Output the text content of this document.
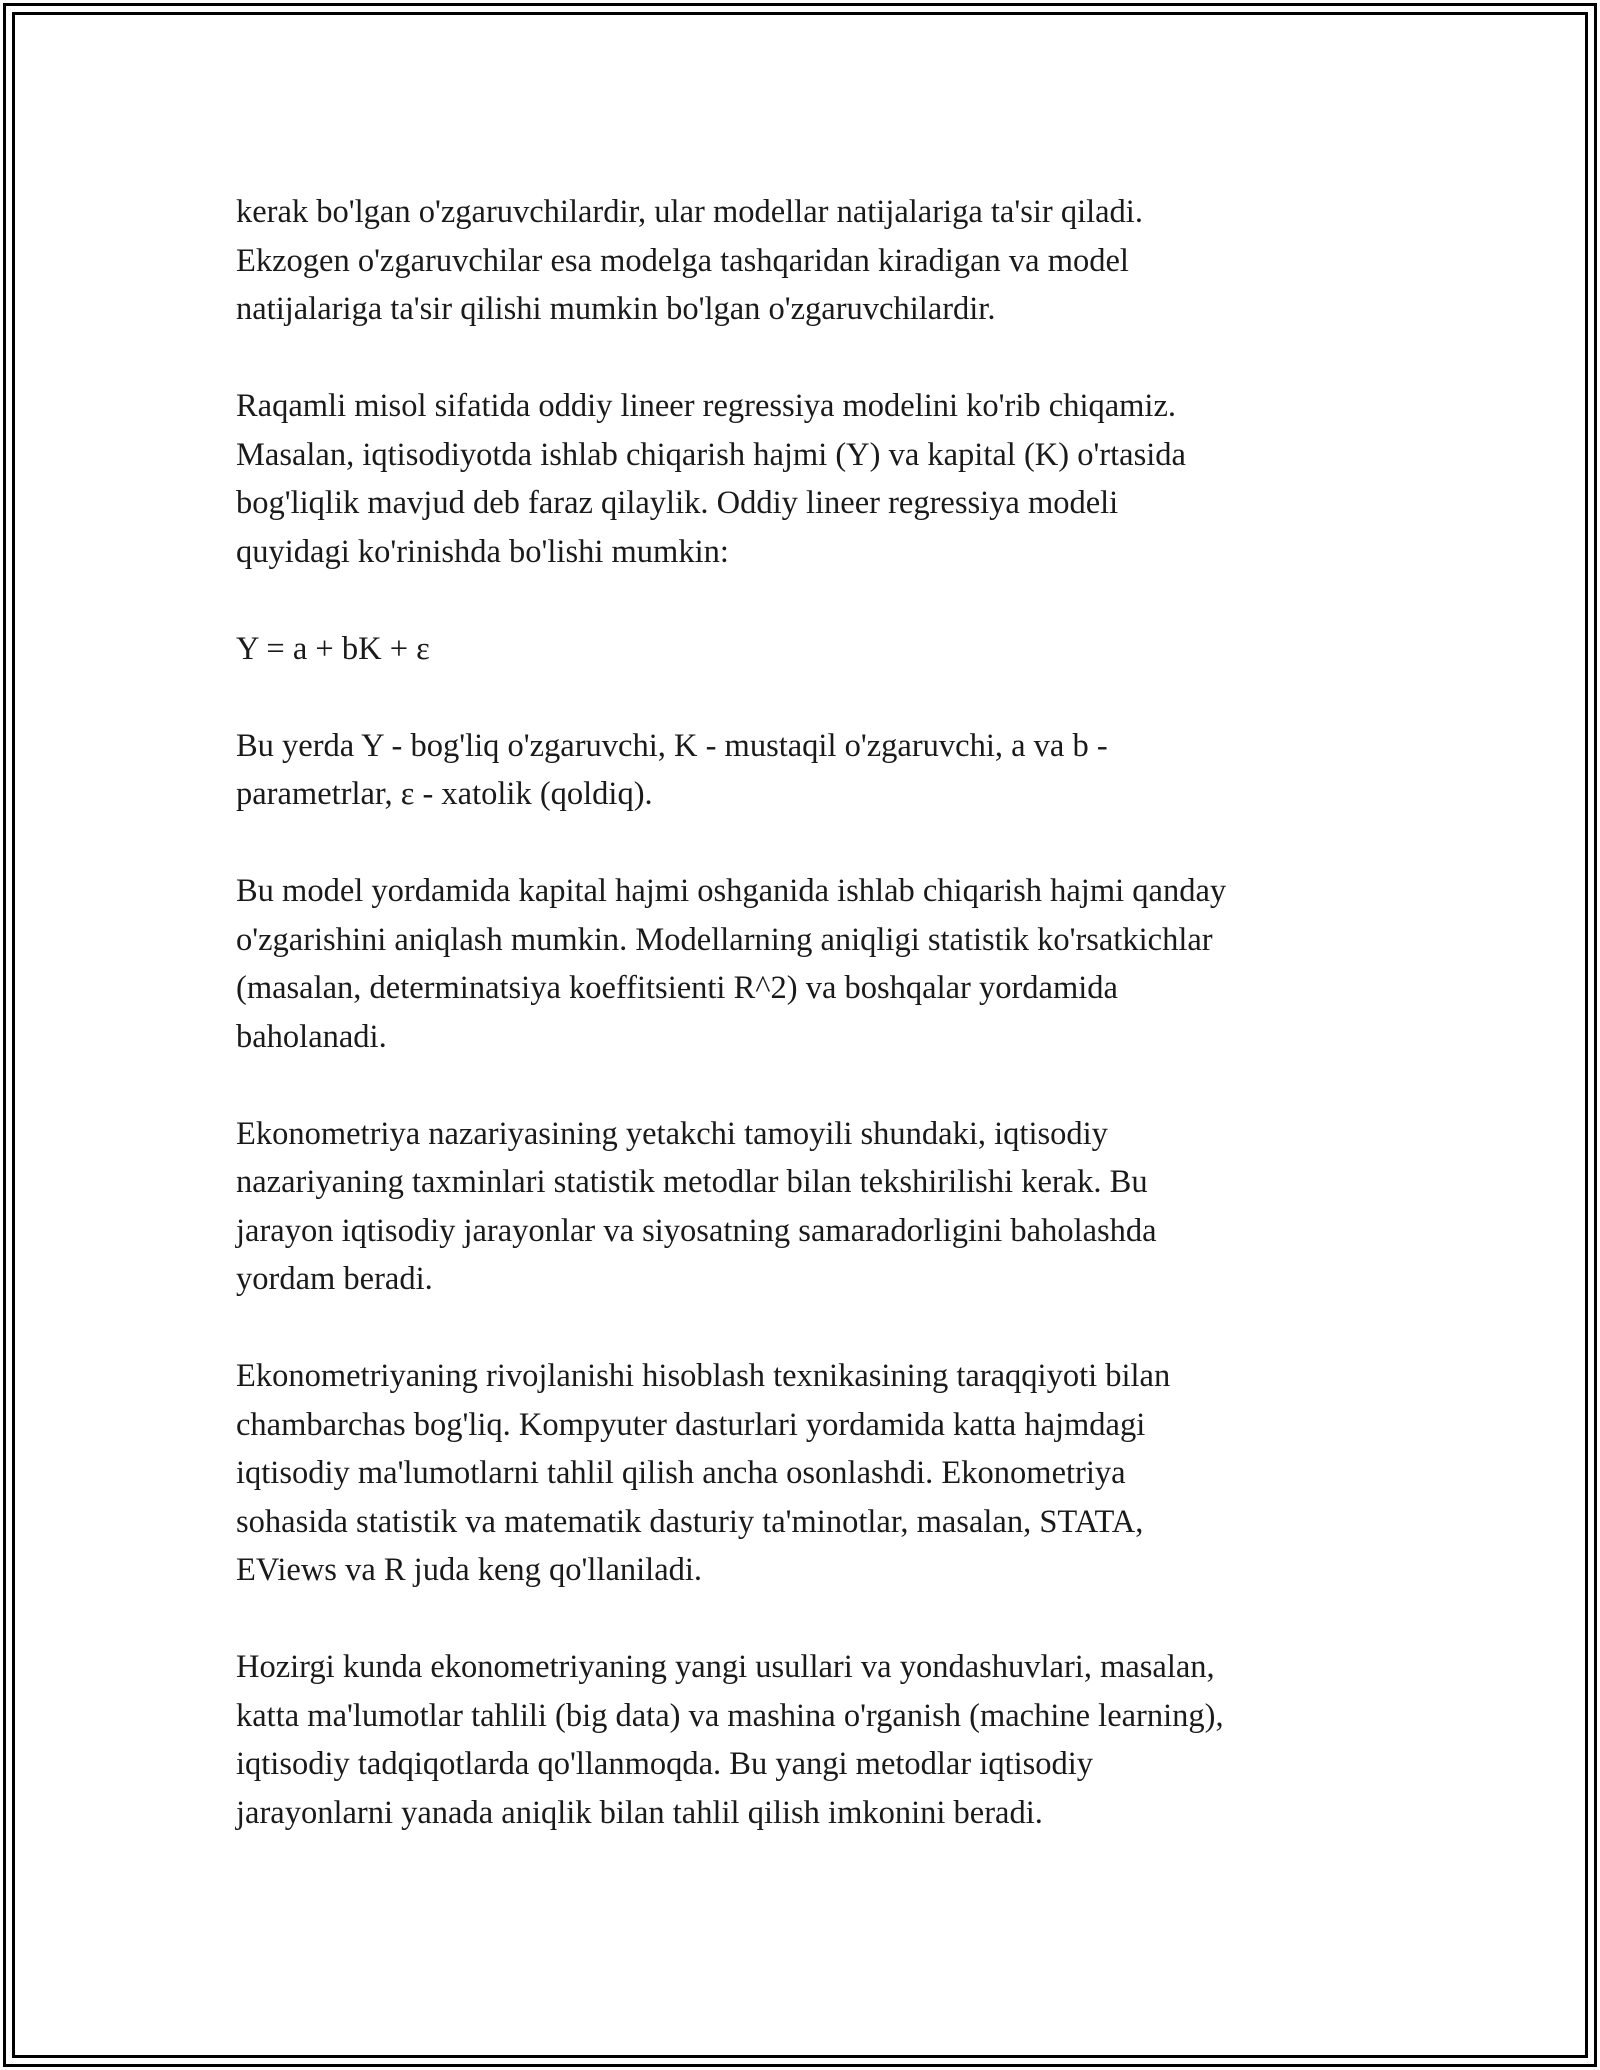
kerak bo'lgan o'zgaruvchilardir, ular modellar natijalariga ta'sir qiladi.
Ekzogen o'zgaruvchilar esa modelga tashqaridan kiradigan va model
natijalariga ta'sir qilishi mumkin bo'lgan o'zgaruvchilardir.

Raqamli misol sifatida oddiy lineer regressiya modelini ko'rib chiqamiz.
Masalan, iqtisodiyotda ishlab chiqarish hajmi (Y) va kapital (K) o'rtasida
bog'liqlik mavjud deb faraz qilaylik. Oddiy lineer regressiya modeli
quyidagi ko'rinishda bo'lishi mumkin:

Y = a + bK + ε

Bu yerda Y - bog'liq o'zgaruvchi, K - mustaqil o'zgaruvchi, a va b -
parametrlar, ε - xatolik (qoldiq).

Bu model yordamida kapital hajmi oshganida ishlab chiqarish hajmi qanday
o'zgarishini aniqlash mumkin. Modellarning aniqligi statistik ko'rsatkichlar
(masalan, determinatsiya koeffitsienti R^2) va boshqalar yordamida
baholanadi.

Ekonometriya nazariyasining yetakchi tamoyili shundaki, iqtisodiy
nazariyaning taxminlari statistik metodlar bilan tekshirilishi kerak. Bu
jarayon iqtisodiy jarayonlar va siyosatning samaradorligini baholashda
yordam beradi.

Ekonometriyaning rivojlanishi hisoblash texnikasining taraqqiyoti bilan
chambarchas bog'liq. Kompyuter dasturlari yordamida katta hajmdagi
iqtisodiy ma'lumotlarni tahlil qilish ancha osonlashdi. Ekonometriya
sohasida statistik va matematik dasturiy ta'minotlar, masalan, STATA,
EViews va R juda keng qo'llaniladi.

Hozirgi kunda ekonometriyaning yangi usullari va yondashuvlari, masalan,
katta ma'lumotlar tahlili (big data) va mashina o'rganish (machine learning),
iqtisodiy tadqiqotlarda qo'llanmoqda. Bu yangi metodlar iqtisodiy
jarayonlarni yanada aniqlik bilan tahlil qilish imkonini beradi.
